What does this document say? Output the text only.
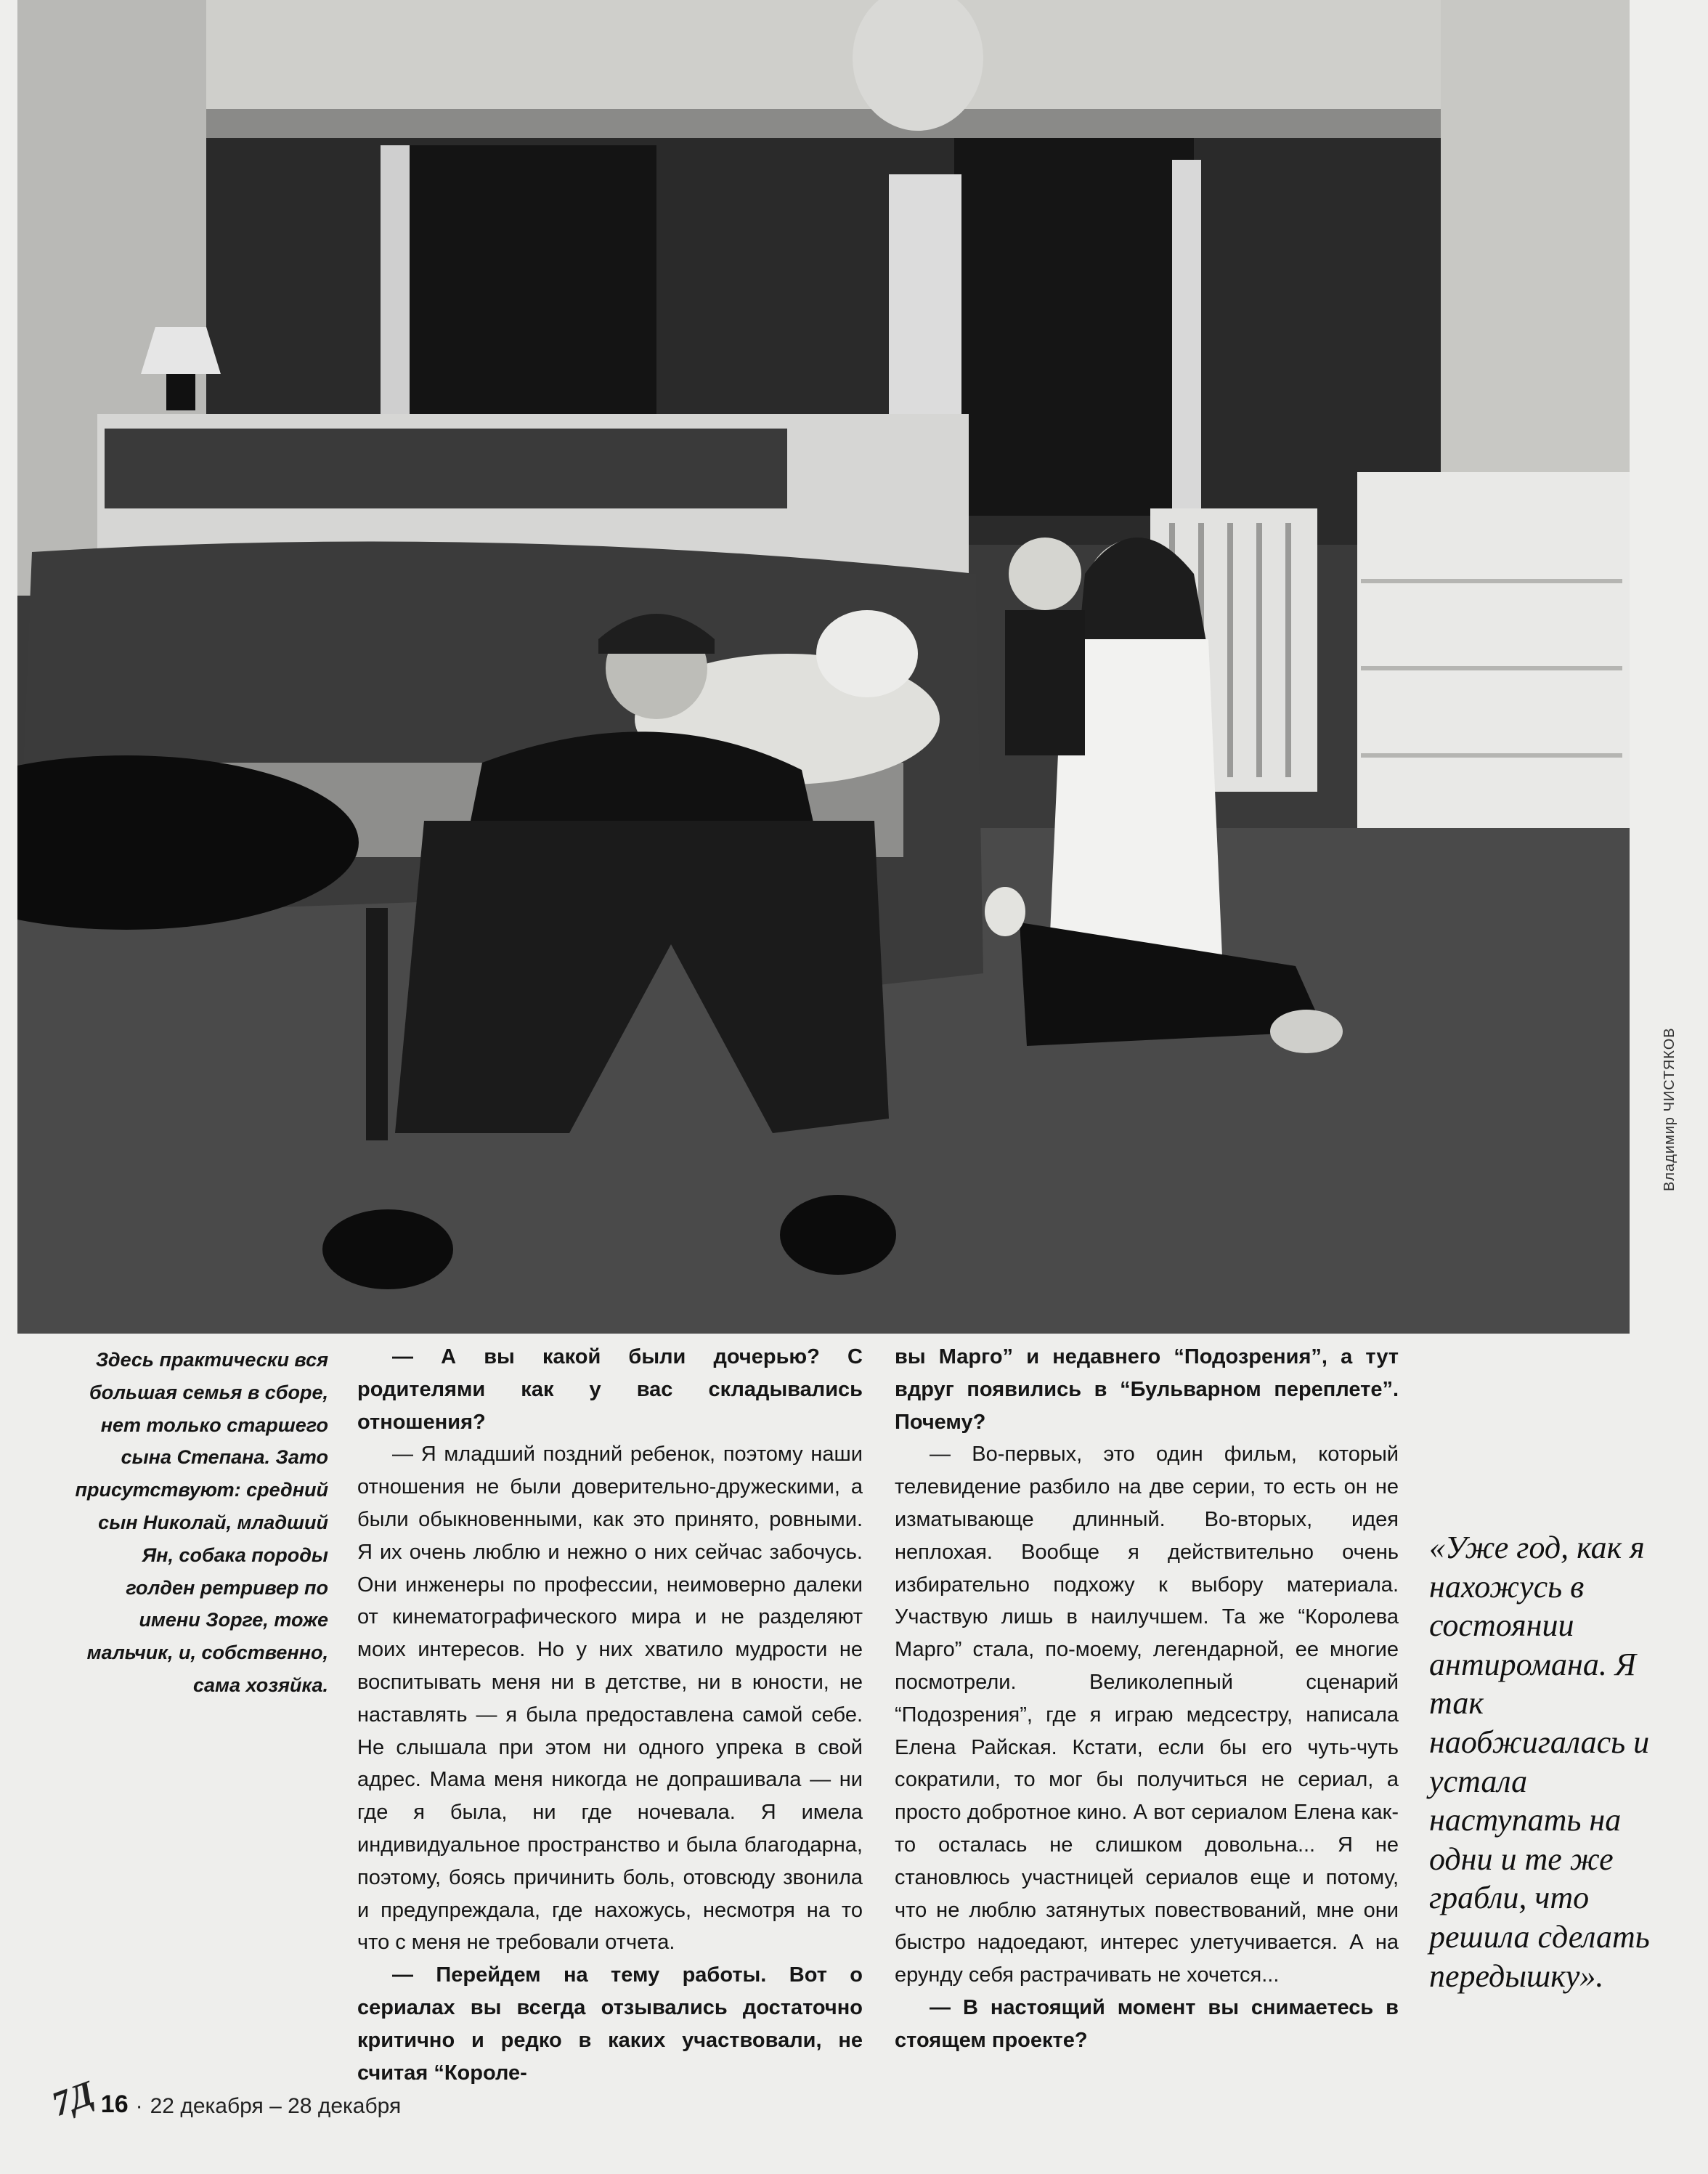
Владимир ЧИСТЯКОВ
Здесь практически вся большая семья в сборе, нет только старшего сына Степана. Зато присутствуют: средний сын Николай, младший Ян, собака породы голден ретривер по имени Зорге, тоже мальчик, и, собственно, сама хозяйка.

— А вы какой были дочерью? С родителями как у вас складывались отношения?

— Я младший поздний ребенок, поэтому наши отношения не были доверительно-дружескими, а были обыкновенными, как это принято, ровными. Я их очень люблю и нежно о них сейчас забочусь. Они инженеры по профессии, неимоверно далеки от кинематографического мира и не разделяют моих интересов. Но у них хватило мудрости не воспитывать меня ни в детстве, ни в юности, не наставлять — я была предоставлена самой себе. Не слышала при этом ни одного упрека в свой адрес. Мама меня никогда не допрашивала — ни где я была, ни где ночевала. Я имела индивидуальное пространство и была благодарна, поэтому, боясь причинить боль, отовсюду звонила и предупреждала, где нахожусь, несмотря на то что с меня не требовали отчета.

— Перейдем на тему работы. Вот о сериалах вы всегда отзывались достаточно критично и редко в каких участвовали, не считая “Короле-

вы Марго” и недавнего “Подозрения”, а тут вдруг появились в “Бульварном переплете”. Почему?

— Во-первых, это один фильм, который телевидение разбило на две серии, то есть он не изматывающе длинный. Во-вторых, идея неплохая. Вообще я действительно очень избирательно подхожу к выбору материала. Участвую лишь в наилучшем. Та же “Королева Марго” стала, по-моему, легендарной, ее многие посмотрели. Великолепный сценарий “Подозрения”, где я играю медсестру, написала Елена Райская. Кстати, если бы его чуть-чуть сократили, то мог бы получиться не сериал, а просто добротное кино. А вот сериалом Елена как-то осталась не слишком довольна... Я не становлюсь участницей сериалов еще и потому, что не люблю затянутых повествований, мне они быстро надоедают, интерес улетучивается. А на ерунду себя растрачивать не хочется...

— В настоящий момент вы снимаетесь в стоящем проекте?

«Уже год, как я нахожусь в состоянии антиромана. Я так наобжигалась и устала наступать на одни и те же грабли, что решила сделать передышку».
7Д 16 · 22 декабря – 28 декабря
